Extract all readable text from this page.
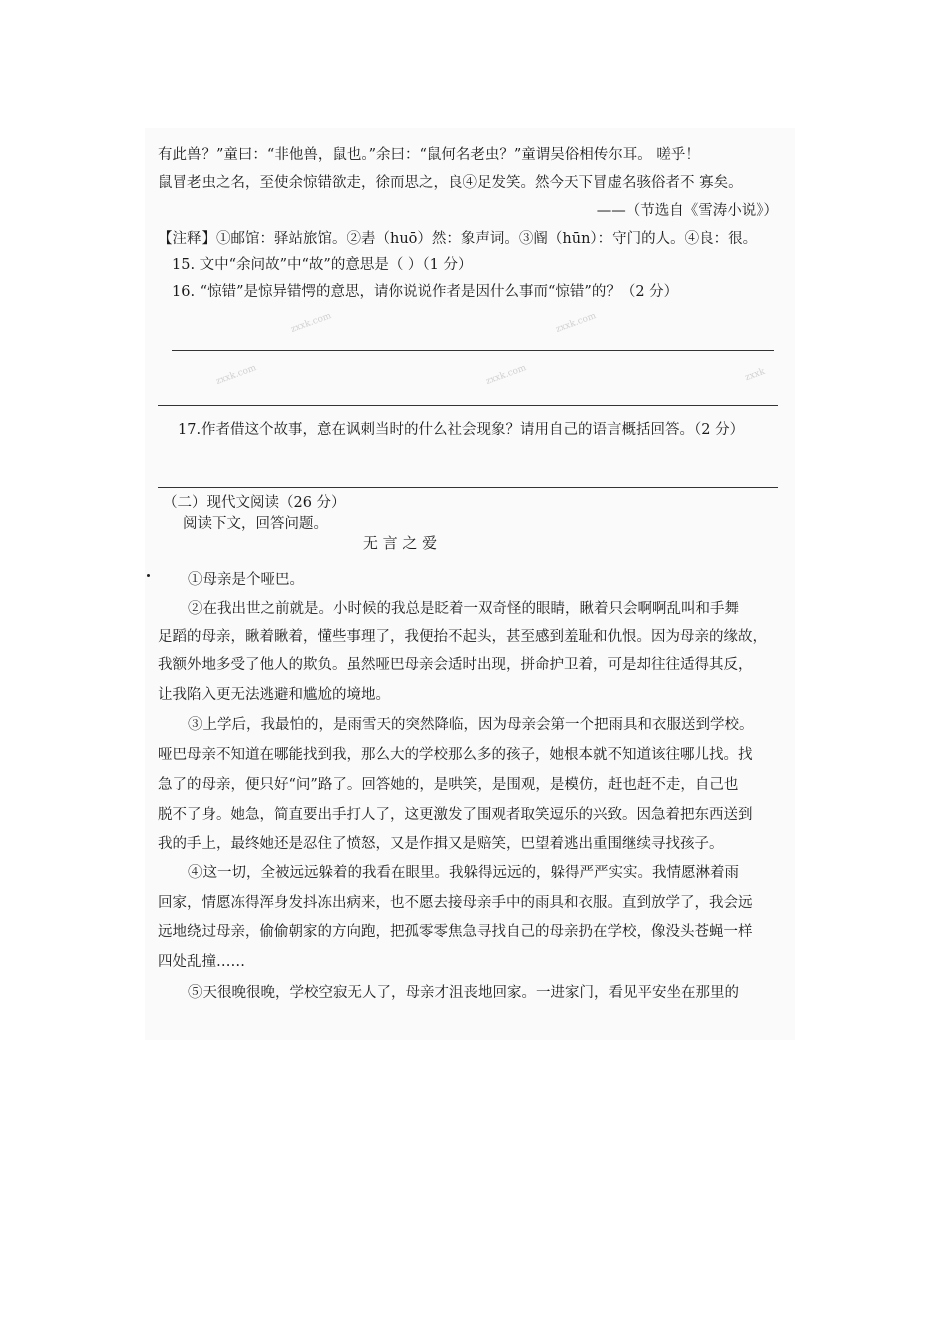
zxxk.com
zxxk.com
zxxk.com
zxxk.com	zxxk
有此兽？”童曰：“非他兽，鼠也。”余曰：“鼠何名老虫？”童谓吴俗相传尔耳。 嗟乎！
鼠冒老虫之名，至使余惊错欲走，徐而思之，良④足发笑。然今天下冒虚名骇俗者不 寡矣。
——（节选自《雪涛小说》）
【注释】①邮馆：驿站旅馆。②砉（huō）然：象声词。③阍（hūn）：守门的人。④良：很。
15. 文中“余问故”中“故”的意思是（ ）（1 分）
16. “惊错”是惊异错愕的意思，请你说说作者是因什么事而“惊错”的？（2 分）
17.作者借这个故事，意在讽刺当时的什么社会现象？请用自己的语言概括回答。（2 分）
（二）现代文阅读（26 分）
阅读下文，回答问题。
无 言 之 爱
①母亲是个哑巴。
②在我出世之前就是。小时候的我总是眨着一双奇怪的眼睛，瞅着只会啊啊乱叫和手舞
足蹈的母亲，瞅着瞅着，懂些事理了，我便抬不起头，甚至感到羞耻和仇恨。因为母亲的缘故，
我额外地多受了他人的欺负。虽然哑巴母亲会适时出现，拼命护卫着，可是却往往适得其反，
让我陷入更无法逃避和尴尬的境地。
③上学后，我最怕的，是雨雪天的突然降临，因为母亲会第一个把雨具和衣服送到学校。
哑巴母亲不知道在哪能找到我，那么大的学校那么多的孩子，她根本就不知道该往哪儿找。找
急了的母亲，便只好“问”路了。回答她的，是哄笑，是围观，是模仿，赶也赶不走，自己也
脱不了身。她急，简直要出手打人了，这更激发了围观者取笑逗乐的兴致。因急着把东西送到
我的手上，最终她还是忍住了愤怒，又是作揖又是赔笑，巴望着逃出重围继续寻找孩子。
④这一切，全被远远躲着的我看在眼里。我躲得远远的，躲得严严实实。我情愿淋着雨
回家，情愿冻得浑身发抖冻出病来，也不愿去接母亲手中的雨具和衣服。直到放学了，我会远
远地绕过母亲，偷偷朝家的方向跑，把孤零零焦急寻找自己的母亲扔在学校，像没头苍蝇一样
四处乱撞……
⑤天很晚很晚，学校空寂无人了，母亲才沮丧地回家。一进家门，看见平安坐在那里的
